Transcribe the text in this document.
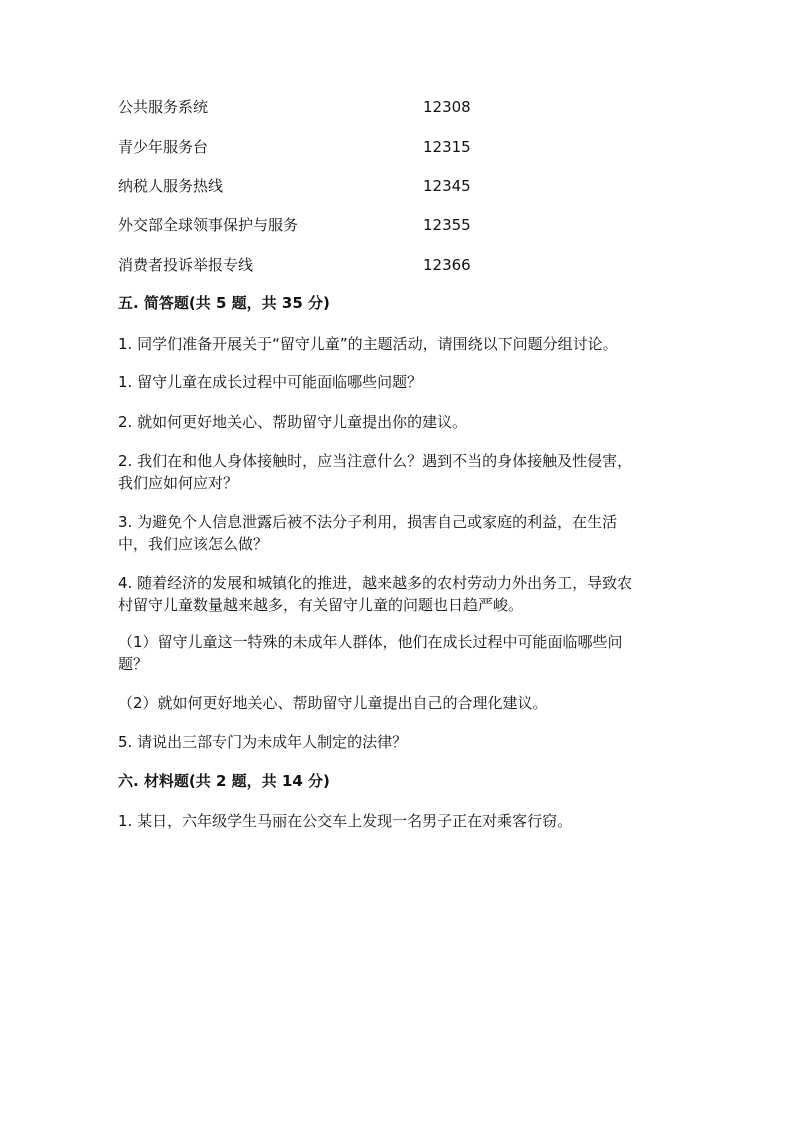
公共服务系统	12308
青少年服务台	12315
纳税人服务热线	12345
外交部全球领事保护与服务	12355
消费者投诉举报专线	12366
五. 简答题(共 5 题，共 35 分)
1. 同学们准备开展关于“留守儿童”的主题活动，请围绕以下问题分组讨论。
1. 留守儿童在成长过程中可能面临哪些问题？
2. 就如何更好地关心、帮助留守儿童提出你的建议。
2. 我们在和他人身体接触时，应当注意什么？遇到不当的身体接触及性侵害，
我们应如何应对？
3. 为避免个人信息泄露后被不法分子利用，损害自己或家庭的利益，在生活
中，我们应该怎么做？
4. 随着经济的发展和城镇化的推进，越来越多的农村劳动力外出务工，导致农
村留守儿童数量越来越多，有关留守儿童的问题也日趋严峻。
（1）留守儿童这一特殊的未成年人群体，他们在成长过程中可能面临哪些问
题？
（2）就如何更好地关心、帮助留守儿童提出自己的合理化建议。
5. 请说出三部专门为未成年人制定的法律？
六. 材料题(共 2 题，共 14 分)
1. 某日，六年级学生马丽在公交车上发现一名男子正在对乘客行窃。
